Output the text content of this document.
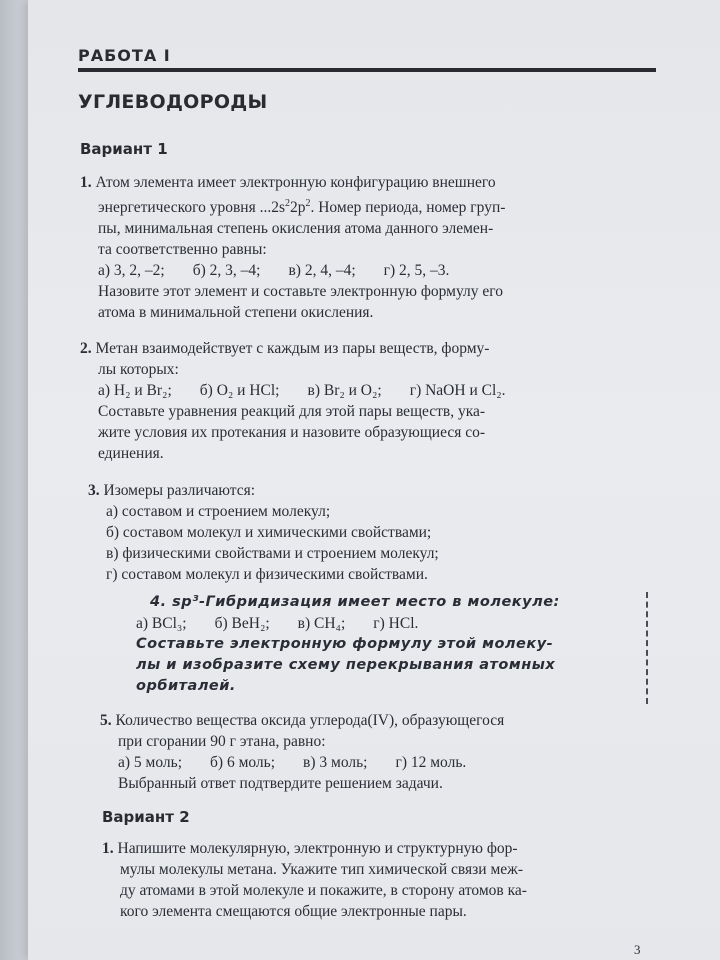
РАБОТА I
УГЛЕВОДОРОДЫ
Вариант 1

1. Атом элемента имеет электронную конфигурацию внешнего

энергетического уровня $...2s^22p^2$. Номер периода, номер груп-

пы, минимальная степень окисления атома данного элемен-

та соответственно равны:

а) 3, 2, –2; б) 2, 3, –4; в) 2, 4, –4; г) 2, 5, –3.

Назовите этот элемент и составьте электронную формулу его

атома в минимальной степени окисления.

2. Метан взаимодействует с каждым из пары веществ, форму-

лы которых:

а) H₂ и Br₂; б) O₂ и HCl; в) Br₂ и O₂; г) NaOH и Cl₂.

Составьте уравнения реакций для этой пары веществ, ука-

жите условия их протекания и назовите образующиеся со-

единения.

3. Изомеры различаются:

а) составом и строением молекул;

б) составом молекул и химическими свойствами;

в) физическими свойствами и строением молекул;

г) составом молекул и физическими свойствами.

4. sp³-Гибридизация имеет место в молекуле:

а) BCl₃; б) BeH₂; в) CH₄; г) HCl.

Составьте электронную формулу этой молеку-

лы и изобразите схему перекрывания атомных

орбиталей.

5. Количество вещества оксида углерода(IV), образующегося

при сгорании 90 г этана, равно:

а) 5 моль; б) 6 моль; в) 3 моль; г) 12 моль.

Выбранный ответ подтвердите решением задачи.

Вариант 2

1. Напишите молекулярную, электронную и структурную фор-

мулы молекулы метана. Укажите тип химической связи меж-

ду атомами в этой молекуле и покажите, в сторону атомов ка-

кого элемента смещаются общие электронные пары.

3
